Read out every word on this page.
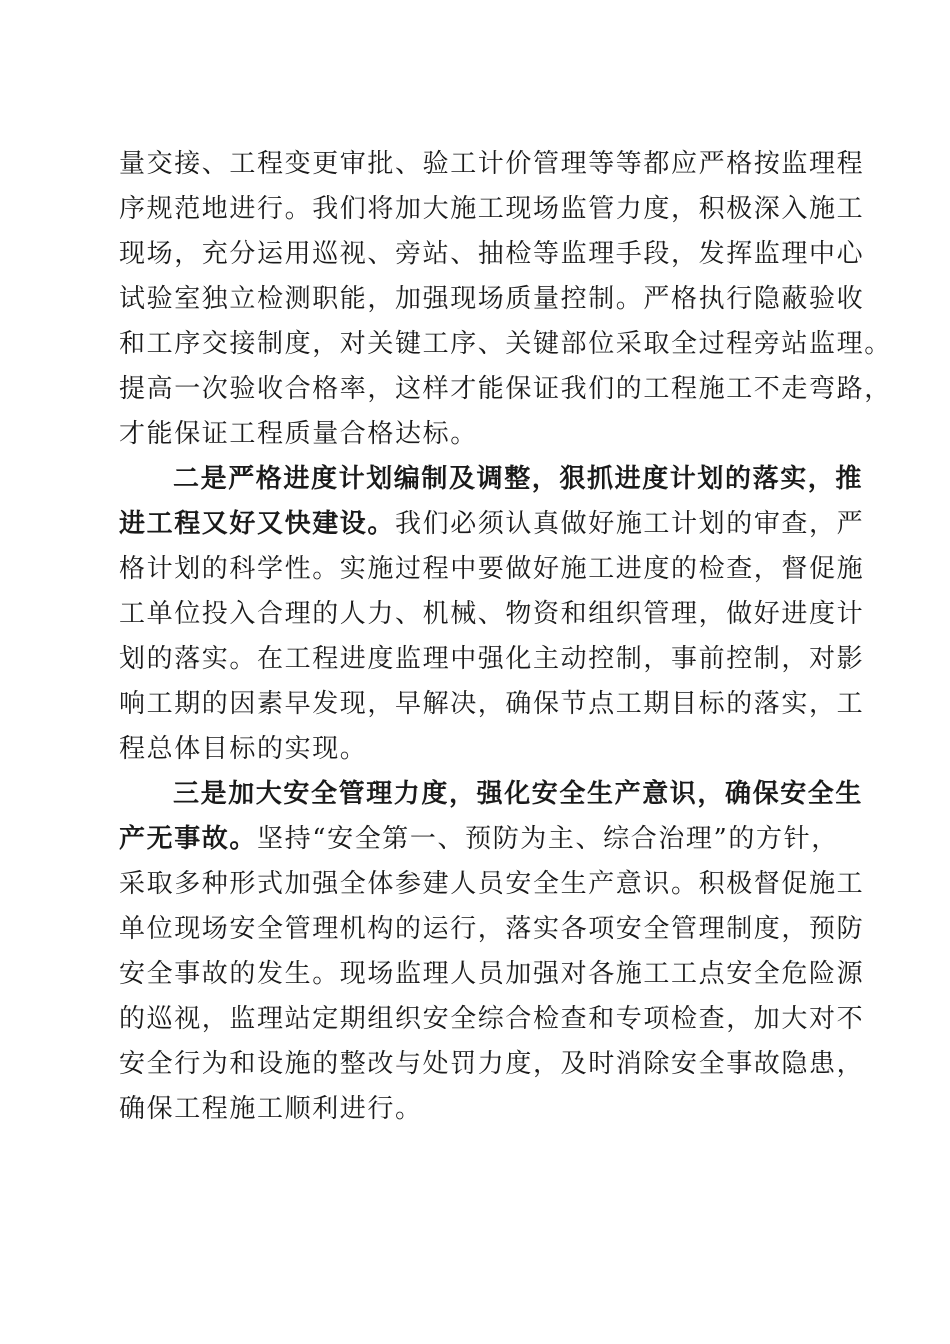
量交接、工程变更审批、验工计价管理等等都应严格按监理程
序规范地进行。我们将加大施工现场监管力度，积极深入施工
现场，充分运用巡视、旁站、抽检等监理手段，发挥监理中心
试验室独立检测职能，加强现场质量控制。严格执行隐蔽验收
和工序交接制度，对关键工序、关键部位采取全过程旁站监理。
提高一次验收合格率，这样才能保证我们的工程施工不走弯路，
才能保证工程质量合格达标。
二是严格进度计划编制及调整，狠抓进度计划的落实，推
进工程又好又快建设。我们必须认真做好施工计划的审查，严
格计划的科学性。实施过程中要做好施工进度的检查，督促施
工单位投入合理的人力、机械、物资和组织管理，做好进度计
划的落实。在工程进度监理中强化主动控制，事前控制，对影
响工期的因素早发现，早解决，确保节点工期目标的落实，工
程总体目标的实现。
三是加大安全管理力度，强化安全生产意识，确保安全生
产无事故。坚持“安全第一、预防为主、综合治理”的方针，
采取多种形式加强全体参建人员安全生产意识。积极督促施工
单位现场安全管理机构的运行，落实各项安全管理制度，预防
安全事故的发生。现场监理人员加强对各施工工点安全危险源
的巡视，监理站定期组织安全综合检查和专项检查，加大对不
安全行为和设施的整改与处罚力度，及时消除安全事故隐患，
确保工程施工顺利进行。
